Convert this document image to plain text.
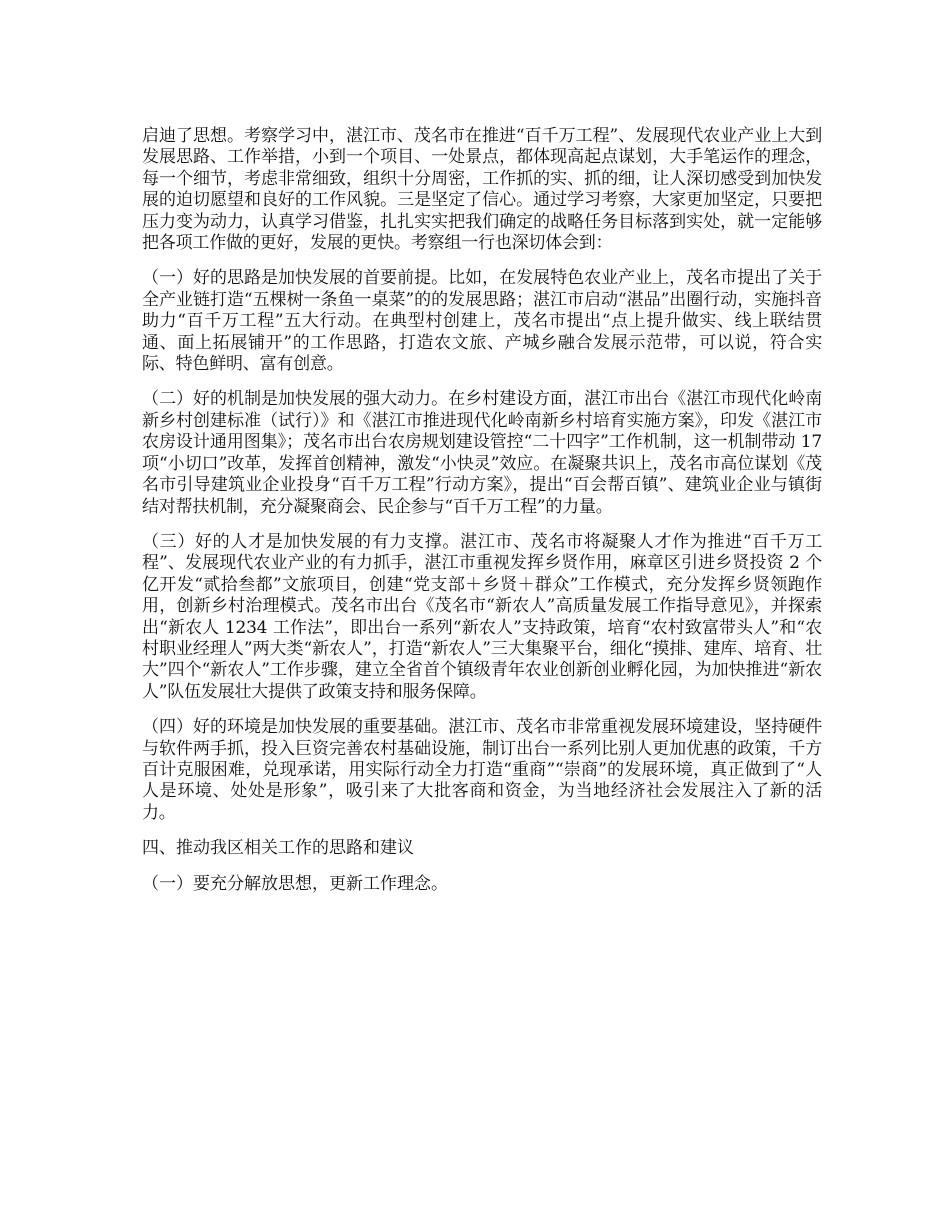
启迪了思想。考察学习中，湛江市、茂名市在推进“百千万工程”、发展现代农业产业上大到发展思路、工作举措，小到一个项目、一处景点，都体现高起点谋划，大手笔运作的理念，每一个细节，考虑非常细致，组织十分周密，工作抓的实、抓的细，让人深切感受到加快发展的迫切愿望和良好的工作风貌。三是坚定了信心。通过学习考察，大家更加坚定，只要把压力变为动力，认真学习借鉴，扎扎实实把我们确定的战略任务目标落到实处，就一定能够把各项工作做的更好，发展的更快。考察组一行也深切体会到：

（一）好的思路是加快发展的首要前提。比如，在发展特色农业产业上，茂名市提出了关于全产业链打造“五棵树一条鱼一桌菜”的的发展思路；湛江市启动“湛品”出圈行动，实施抖音助力“百千万工程”五大行动。在典型村创建上，茂名市提出“点上提升做实、线上联结贯通、面上拓展铺开”的工作思路，打造农文旅、产城乡融合发展示范带，可以说，符合实际、特色鲜明、富有创意。

（二）好的机制是加快发展的强大动力。在乡村建设方面，湛江市出台《湛江市现代化岭南新乡村创建标准（试行）》和《湛江市推进现代化岭南新乡村培育实施方案》，印发《湛江市农房设计通用图集》；茂名市出台农房规划建设管控“二十四字”工作机制，这一机制带动 17 项“小切口”改革，发挥首创精神，激发“小快灵”效应。在凝聚共识上，茂名市高位谋划《茂名市引导建筑业企业投身“百千万工程”行动方案》，提出“百会帮百镇”、建筑业企业与镇街结对帮扶机制，充分凝聚商会、民企参与“百千万工程”的力量。

（三）好的人才是加快发展的有力支撑。湛江市、茂名市将凝聚人才作为推进“百千万工程”、发展现代农业产业的有力抓手，湛江市重视发挥乡贤作用，麻章区引进乡贤投资 2 个亿开发“贰拾叁都”文旅项目，创建“党支部＋乡贤＋群众”工作模式，充分发挥乡贤领跑作用，创新乡村治理模式。茂名市出台《茂名市“新农人”高质量发展工作指导意见》，并探索出“新农人 1234 工作法”，即出台一系列“新农人”支持政策，培育“农村致富带头人”和“农村职业经理人”两大类“新农人”，打造“新农人”三大集聚平台，细化“摸排、建库、培育、壮大”四个“新农人”工作步骤，建立全省首个镇级青年农业创新创业孵化园，为加快推进“新农人”队伍发展壮大提供了政策支持和服务保障。

（四）好的环境是加快发展的重要基础。湛江市、茂名市非常重视发展环境建设，坚持硬件与软件两手抓，投入巨资完善农村基础设施，制订出台一系列比别人更加优惠的政策，千方百计克服困难，兑现承诺，用实际行动全力打造“重商”“崇商”的发展环境，真正做到了“人人是环境、处处是形象”，吸引来了大批客商和资金，为当地经济社会发展注入了新的活力。

四、推动我区相关工作的思路和建议

（一）要充分解放思想，更新工作理念。
